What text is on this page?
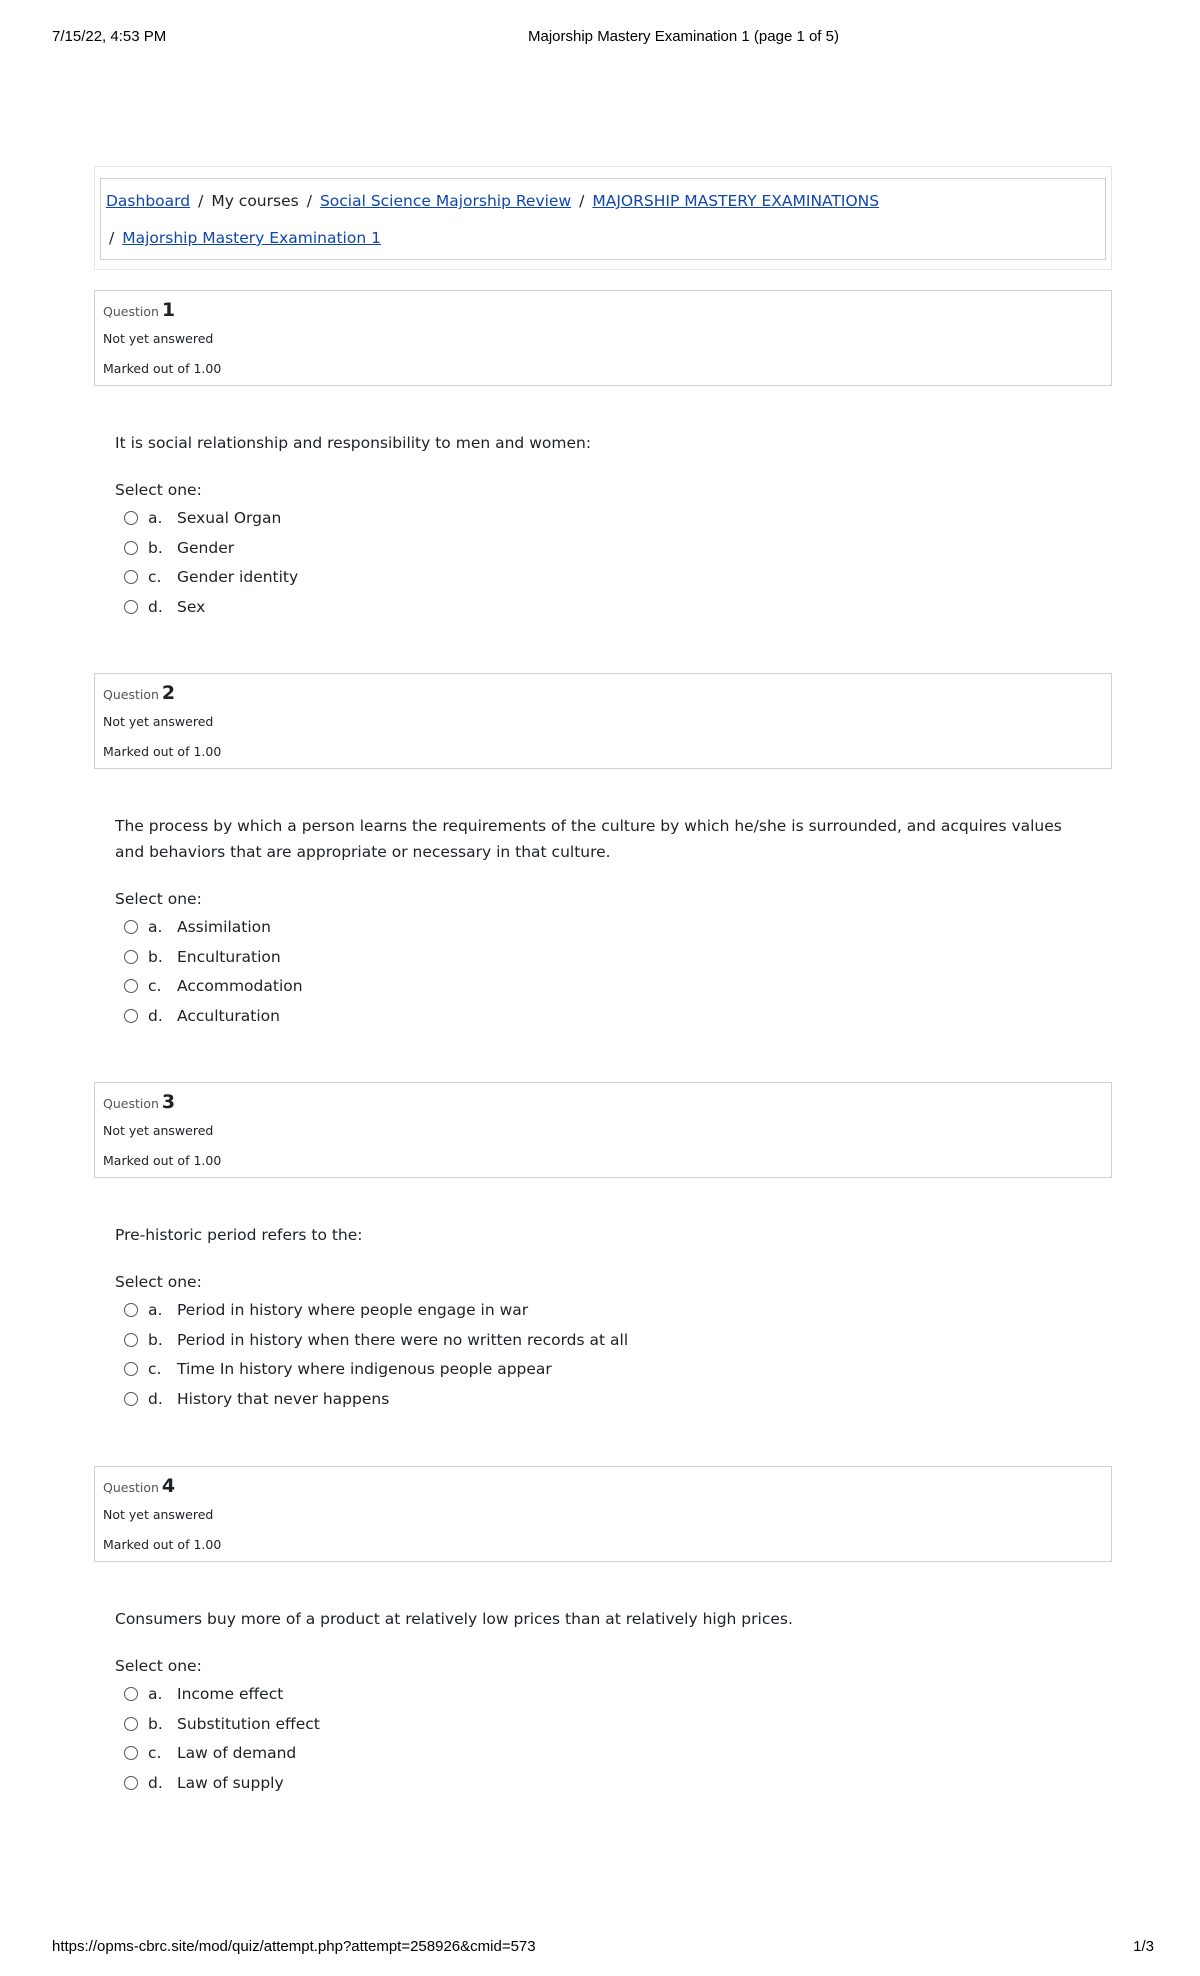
7/15/22, 4:53 PM	Majorship Mastery Examination 1 (page 1 of 5)
Dashboard / My courses / Social Science Majorship Review / MAJORSHIP MASTERY EXAMINATIONS
/ Majorship Mastery Examination 1
Question 1
Not yet answered
Marked out of 1.00
It is social relationship and responsibility to men and women:
Select one:
a. Sexual Organ
b. Gender
c. Gender identity
d. Sex
Question 2
Not yet answered
Marked out of 1.00
The process by which a person learns the requirements of the culture by which he/she is surrounded, and acquires values and behaviors that are appropriate or necessary in that culture.
Select one:
a. Assimilation
b. Enculturation
c. Accommodation
d. Acculturation
Question 3
Not yet answered
Marked out of 1.00
Pre-historic period refers to the:
Select one:
a. Period in history where people engage in war
b. Period in history when there were no written records at all
c. Time In history where indigenous people appear
d. History that never happens
Question 4
Not yet answered
Marked out of 1.00
Consumers buy more of a product at relatively low prices than at relatively high prices.
Select one:
a. Income effect
b. Substitution effect
c. Law of demand
d. Law of supply
https://opms-cbrc.site/mod/quiz/attempt.php?attempt=258926&cmid=573	1/3
